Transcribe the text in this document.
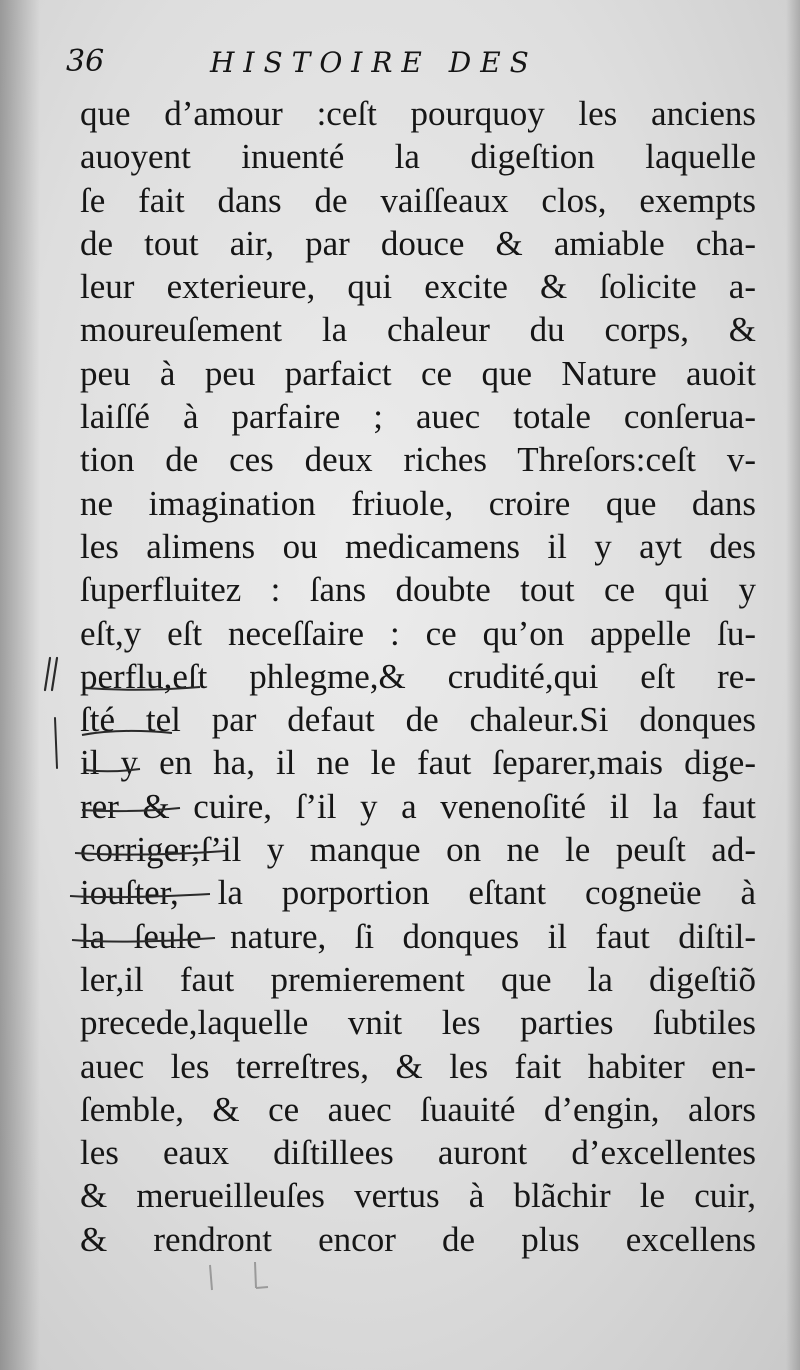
36	HISTOIRE DES
que d’amour :ceſt pourquoy les anciens
auoyent inuenté la digeſtion laquelle
ſe fait dans de vaiſſeaux clos, exempts
de tout air, par douce & amiable cha-
leur exterieure, qui excite & ſolicite a-
moureuſement la chaleur du corps, &
peu à peu parfaict ce que Nature auoit
laiſſé à parfaire ; auec totale conſerua-
tion de ces deux riches Threſors:ceſt v-
ne imagination friuole, croire que dans
les alimens ou medicamens il y ayt des
ſuperfluitez : ſans doubte tout ce qui y
eſt,y eſt neceſſaire : ce qu’on appelle ſu-
perflu,eſt phlegme,& crudité,qui eſt re-
ſté tel par defaut de chaleur.Si donques
il y en ha, il ne le faut ſeparer,mais dige-
rer & cuire, ſ’il y a venenoſité il la faut
corriger;ſ’il y manque on ne le peuſt ad-
iouſter, la porportion eſtant cogneüe à
la ſeule nature, ſi donques il faut diſtil-
ler,il faut premierement que la digeſtiõ
precede,laquelle vnit les parties ſubtiles
auec les terreſtres, & les fait habiter en-
ſemble, & ce auec ſuauité d’engin, alors
les eaux diſtillees auront d’excellentes
& merueilleuſes vertus à blãchir le cuir,
& rendront encor de plus excellens
